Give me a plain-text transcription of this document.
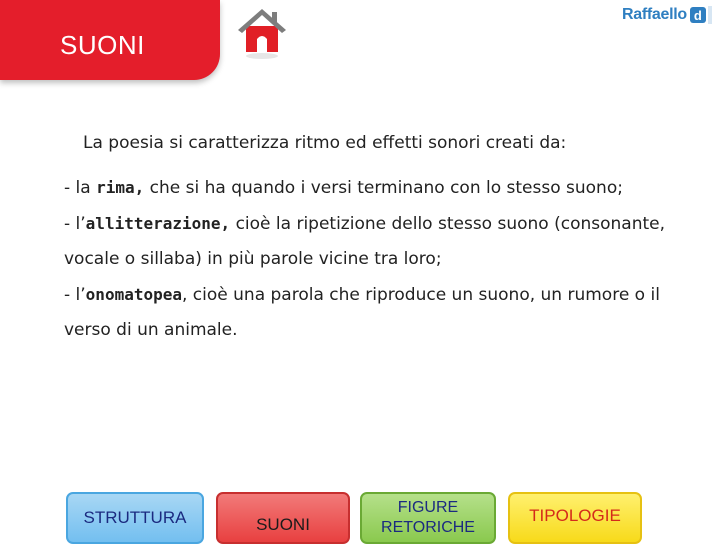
SUONI
Raffaello d

La poesia si caratterizza ritmo ed effetti sonori creati da:

- la rima, che si ha quando i versi terminano con lo stesso suono;

- l’allitterazione, cioè la ripetizione dello stesso suono (consonante, vocale o sillaba) in più parole vicine tra loro;

- l’onomatopea, cioè una parola che riproduce un suono, un rumore o il verso di un animale.

STRUTTURA	SUONI
FIGURE RETORICHE
TIPOLOGIE
